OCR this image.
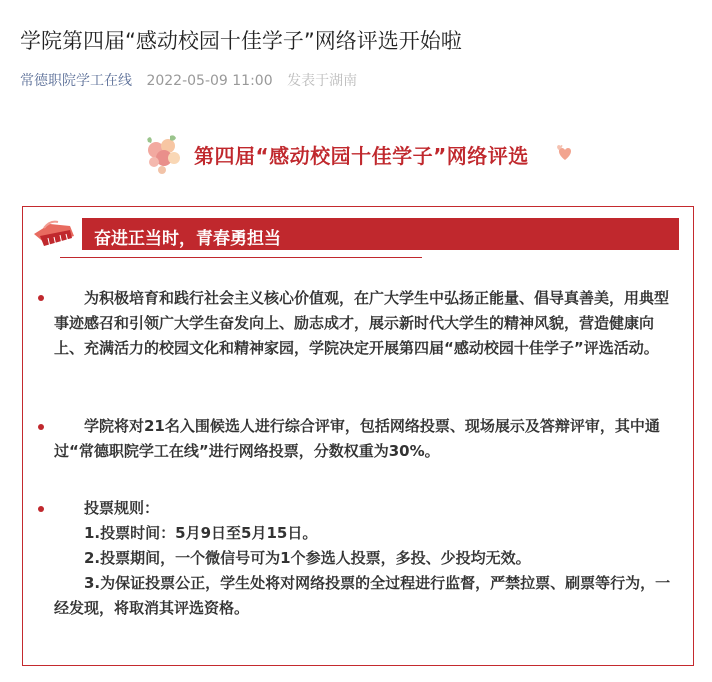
学院第四届“感动校园十佳学子”网络评选开始啦
常德职院学工在线 2022-05-09 11:00 发表于湖南
第四届“感动校园十佳学子”网络评选
奋进正当时，青春勇担当
为积极培育和践行社会主义核心价值观，在广大学生中弘扬正能量、倡导真善美，用典型事迹感召和引领广大学生奋发向上、励志成才，展示新时代大学生的精神风貌，营造健康向上、充满活力的校园文化和精神家园，学院决定开展第四届“感动校园十佳学子”评选活动。
学院将对21名入围候选人进行综合评审，包括网络投票、现场展示及答辩评审，其中通过“常德职院学工在线”进行网络投票，分数权重为30%。
投票规则：
1.投票时间：5月9日至5月15日。
2.投票期间，一个微信号可为1个参选人投票，多投、少投均无效。
3.为保证投票公正，学生处将对网络投票的全过程进行监督，严禁拉票、刷票等行为，一经发现，将取消其评选资格。
